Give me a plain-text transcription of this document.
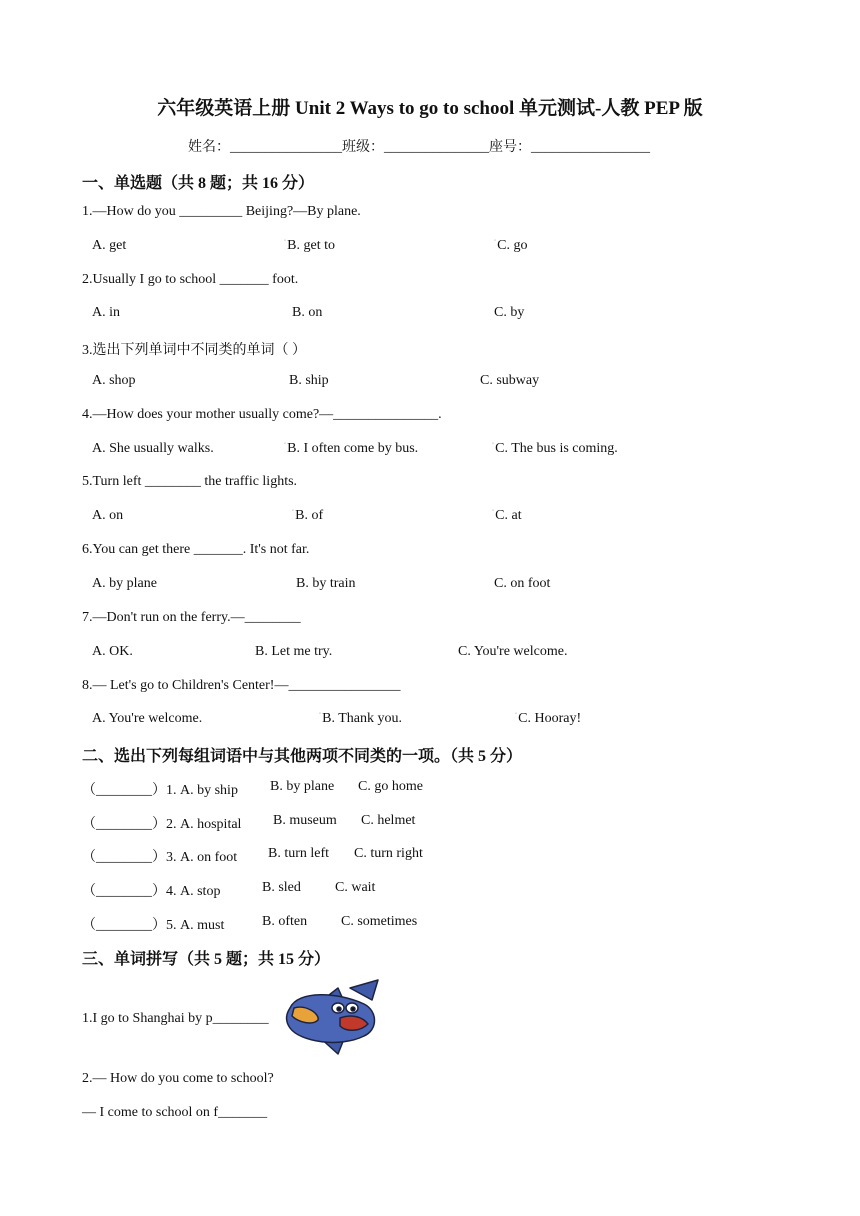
六年级英语上册 Unit 2 Ways to go to school 单元测试-人教 PEP 版
姓名：________________班级：_______________座号：_________________
一、单选题（共 8 题；共 16 分）
1.—How do you _________ Beijing?—By plane.
A. get	◦B. get to	◦C. go
2.Usually I go to school _______ foot.
A. in	B. on	C. by
3.选出下列单词中不同类的单词（ ）
A. shop	B. ship	C. subway
4.—How does your mother usually come?—_______________.
A. She usually walks.	◦B. I often come by bus.	◦C. The bus is coming.
5.Turn left ________ the traffic lights.
A. on	◦B. of	◦C. at
6.You can get there _______. It's not far.
A. by plane	B. by train	C. on foot
7.—Don't run on the ferry.—________
A. OK.	B. Let me try.	C. You're welcome.
8.— Let's go to Children's Center!—________________
A. You're welcome.	◦B. Thank you.	◦C. Hooray!
二、选出下列每组词语中与其他两项不同类的一项。（共 5 分）
（________）1. A. by ship B. by plane C. go home
（________）2. A. hospital B. museum C. helmet
（________）3. A. on foot B. turn left C. turn right
（________）4. A. stop	B. sled C. wait
（________）5. A. must	B. often C. sometimes
三、单词拼写（共 5 题；共 15 分）
1.I go to Shanghai by p________
2.— How do you come to school?
— I come to school on f_______
